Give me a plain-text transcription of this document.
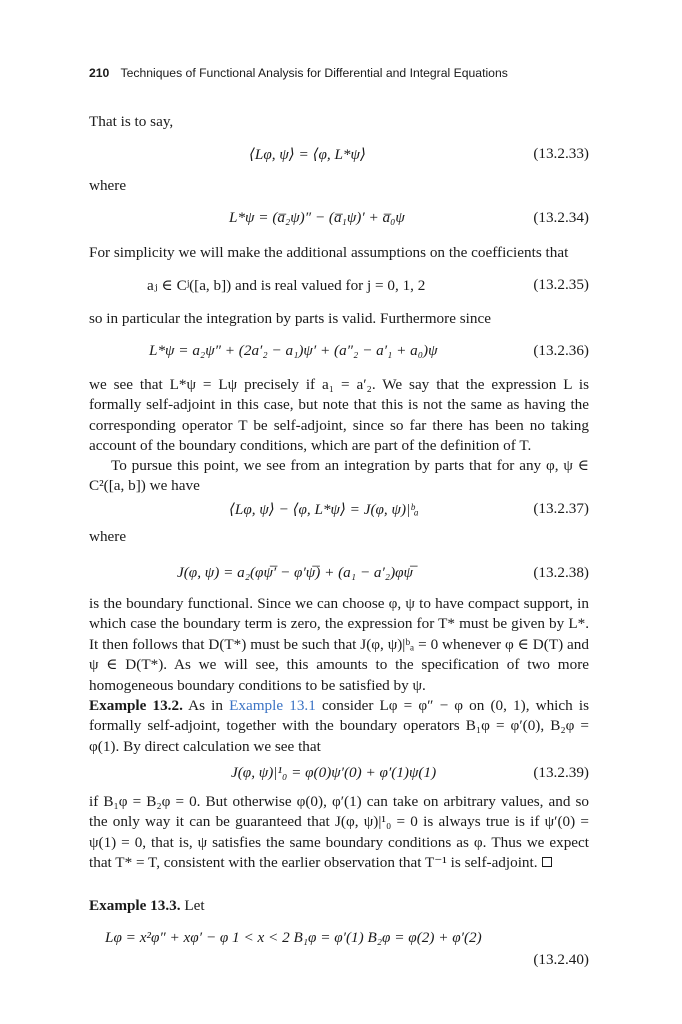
210 Techniques of Functional Analysis for Differential and Integral Equations
That is to say,
⟨Lφ, ψ⟩ = ⟨φ, L*ψ⟩	(13.2.33)
where
L*ψ = (a̅₂ψ)″ − (a̅₁ψ)′ + a̅₀ψ	(13.2.34)
For simplicity we will make the additional assumptions on the coefficients that
aⱼ ∈ Cʲ([a, b]) and is real valued for j = 0, 1, 2	(13.2.35)
so in particular the integration by parts is valid. Furthermore since
L*ψ = a₂ψ″ + (2a′₂ − a₁)ψ′ + (a″₂ − a′₁ + a₀)ψ	(13.2.36)
we see that L*ψ = Lψ precisely if a₁ = a′₂. We say that the expression L is formally self-adjoint in this case, but note that this is not the same as having the corresponding operator T be self-adjoint, since so far there has been no taking account of the boundary conditions, which are part of the definition of T.
To pursue this point, we see from an integration by parts that for any φ, ψ ∈ C²([a, b]) we have
⟨Lφ, ψ⟩ − ⟨φ, L*ψ⟩ = J(φ, ψ)|ᵇₐ	(13.2.37)
where
J(φ, ψ) = a₂(φψ̅′ − φ′ψ̅) + (a₁ − a′₂)φψ̅	(13.2.38)
is the boundary functional. Since we can choose φ, ψ to have compact support, in which case the boundary term is zero, the expression for T* must be given by L*. It then follows that D(T*) must be such that J(φ, ψ)|ᵇₐ = 0 whenever φ ∈ D(T) and ψ ∈ D(T*). As we will see, this amounts to the specification of two more homogeneous boundary conditions to be satisfied by ψ.
Example 13.2. As in Example 13.1 consider Lφ = φ″ − φ on (0, 1), which is formally self-adjoint, together with the boundary operators B₁φ = φ′(0), B₂φ = φ(1). By direct calculation we see that
J(φ, ψ)|¹₀ = φ(0)ψ′(0) + φ′(1)ψ(1)	(13.2.39)
if B₁φ = B₂φ = 0. But otherwise φ(0), φ′(1) can take on arbitrary values, and so the only way it can be guaranteed that J(φ, ψ)|¹₀ = 0 is always true is if ψ′(0) = ψ(1) = 0, that is, ψ satisfies the same boundary conditions as φ. Thus we expect that T* = T, consistent with the earlier observation that T⁻¹ is self-adjoint.
Example 13.3. Let
Lφ = x²φ″ + xφ′ − φ 1 < x < 2 B₁φ = φ′(1) B₂φ = φ(2) + φ′(2)
(13.2.40)
